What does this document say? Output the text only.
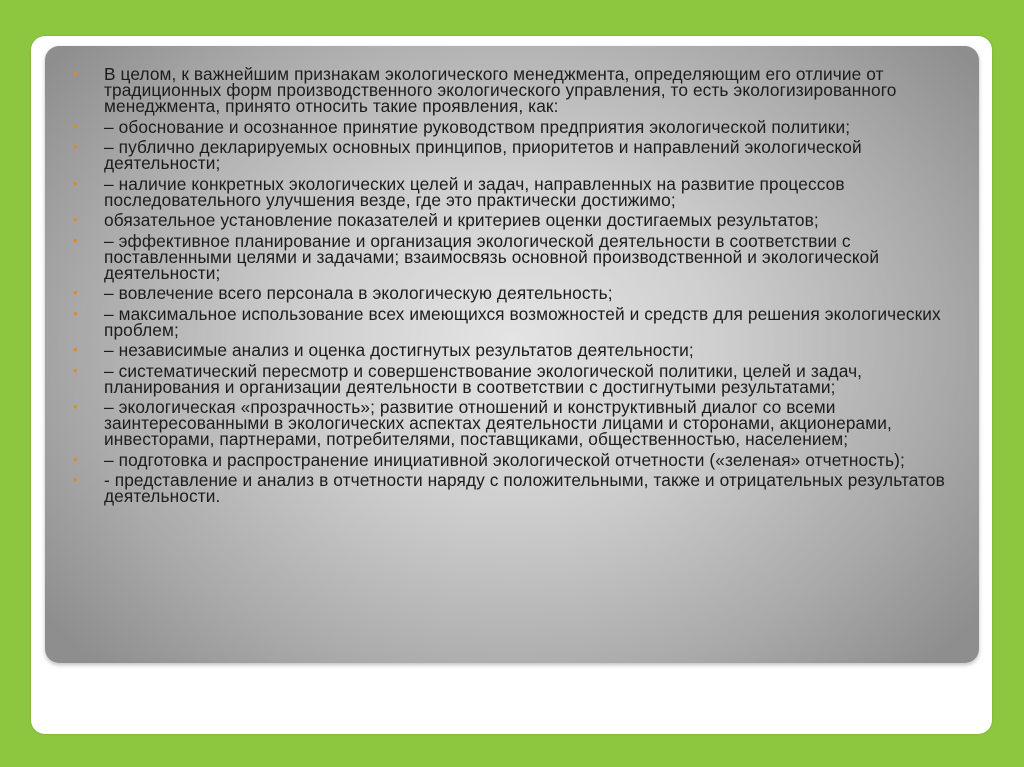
• В целом, к важнейшим признакам экологического менеджмента, определяющим его отличие от традиционных форм производственного экологического управления, то есть экологизированного менеджмента, принято относить такие проявления, как:
• – обоснование и осознанное принятие руководством предприятия экологической политики;
• – публично декларируемых основных принципов, приоритетов и направлений экологической деятельности;
• – наличие конкретных экологических целей и задач, направленных на развитие процессов последовательного улучшения везде, где это практически достижимо;
• обязательное установление показателей и критериев оценки достигаемых результатов;
• – эффективное планирование и организация экологической деятельности в соответствии с поставленными целями и задачами; взаимосвязь основной производственной и экологической деятельности;
• – вовлечение всего персонала в экологическую деятельность;
• – максимальное использование всех имеющихся возможностей и средств для решения экологических проблем;
• – независимые анализ и оценка достигнутых результатов деятельности;
• – систематический пересмотр и совершенствование экологической политики, целей и задач, планирования и организации деятельности в соответствии с достигнутыми результатами;
• – экологическая «прозрачность»; развитие отношений и конструктивный диалог со всеми заинтересованными в экологических аспектах деятельности лицами и сторонами, акционерами, инвесторами, партнерами, потребителями, поставщиками, общественностью, населением;
• – подготовка и распространение инициативной экологической отчетности («зеленая» отчетность);
• - представление и анализ в отчетности наряду с положительными, также и отрицательных результатов деятельности.
